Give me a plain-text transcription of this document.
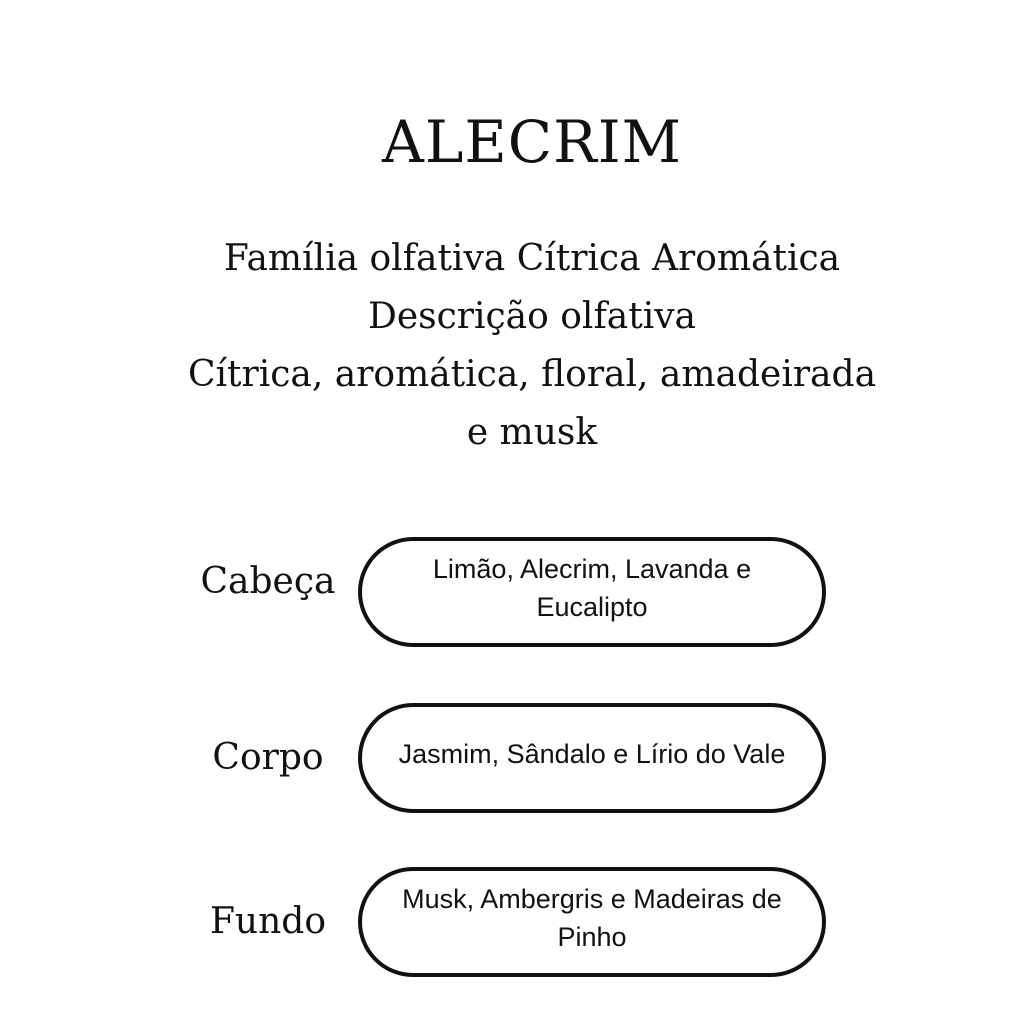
ALECRIM

Família olfativa Cítrica Aromática

Descrição olfativa

Cítrica, aromática, floral, amadeirada

e musk

Cabeça	Limão, Alecrim, Lavanda e Eucalipto
Corpo	Jasmim, Sândalo e Lírio do Vale
Fundo
Musk, Ambergris e Madeiras de Pinho
